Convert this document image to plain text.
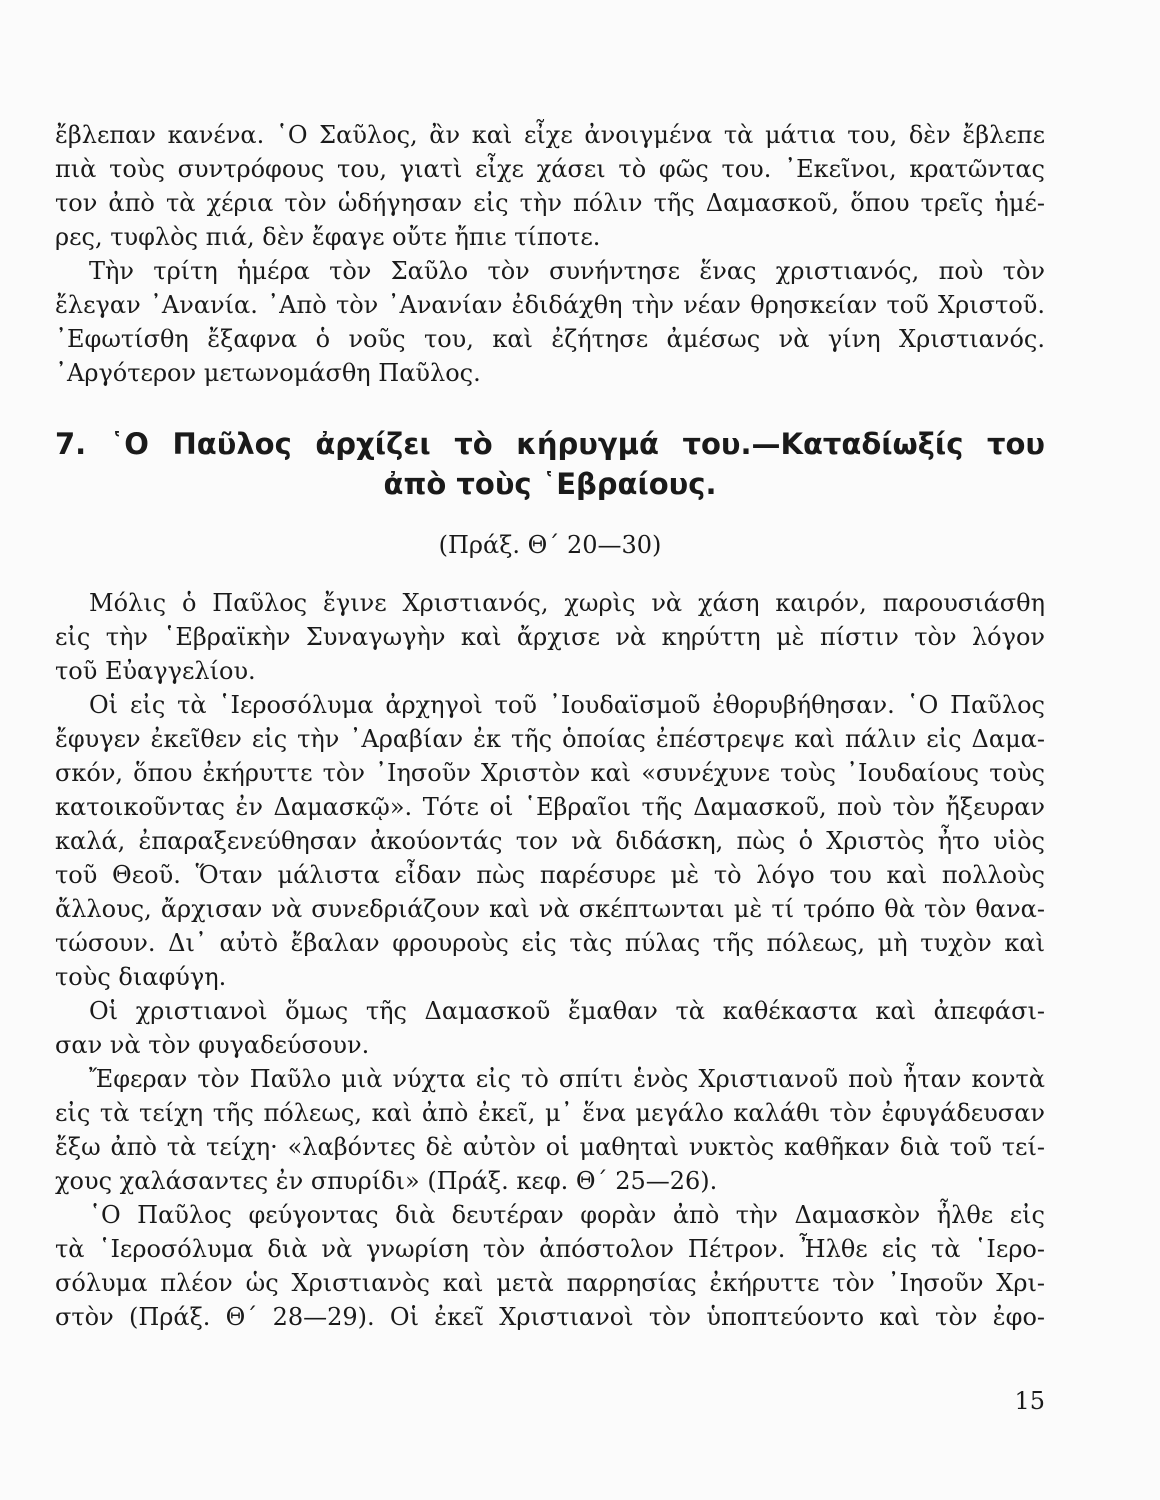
ἔβλεπαν κανένα. ῾Ο Σαῦλος, ἂν καὶ εἶχε ἀνοιγμένα τὰ μάτια του, δὲν ἔβλεπε
πιὰ τοὺς συντρόφους του, γιατὶ εἶχε χάσει τὸ φῶς του. ᾿Εκεῖνοι, κρατῶντας
τον ἀπὸ τὰ χέρια τὸν ὡδήγησαν εἰς τὴν πόλιν τῆς Δαμασκοῦ, ὅπου τρεῖς ἡμέ-
ρες, τυφλὸς πιά, δὲν ἔφαγε οὔτε ἤπιε τίποτε.
Τὴν τρίτη ἡμέρα τὸν Σαῦλο τὸν συνήντησε ἕνας χριστιανός, ποὺ τὸν
ἔλεγαν ᾿Ανανία. ᾿Απὸ τὸν ᾿Ανανίαν ἐδιδάχθη τὴν νέαν θρησκείαν τοῦ Χριστοῦ.
᾿Εφωτίσθη ἔξαφνα ὁ νοῦς του, καὶ ἐζήτησε ἀμέσως νὰ γίνη Χριστιανός.
᾿Αργότερον μετωνομάσθη Παῦλος.
7. ῾Ο Παῦλος ἀρχίζει τὸ κήρυγμά του.—Καταδίωξίς του
ἀπὸ τοὺς ῾Εβραίους.
(Πράξ. Θ΄ 20—30)
Μόλις ὁ Παῦλος ἔγινε Χριστιανός, χωρὶς νὰ χάση καιρόν, παρουσιάσθη
εἰς τὴν ῾Εβραϊκὴν Συναγωγὴν καὶ ἄρχισε νὰ κηρύττη μὲ πίστιν τὸν λόγον
τοῦ Εὐαγγελίου.
Οἱ εἰς τὰ ῾Ιεροσόλυμα ἀρχηγοὶ τοῦ ᾿Ιουδαϊσμοῦ ἐθορυβήθησαν. ῾Ο Παῦλος
ἔφυγεν ἐκεῖθεν εἰς τὴν ᾿Αραβίαν ἐκ τῆς ὁποίας ἐπέστρεψε καὶ πάλιν εἰς Δαμα-
σκόν, ὅπου ἐκήρυττε τὸν ᾿Ιησοῦν Χριστὸν καὶ «συνέχυνε τοὺς ᾿Ιουδαίους τοὺς
κατοικοῦντας ἐν Δαμασκῷ». Τότε οἱ ῾Εβραῖοι τῆς Δαμασκοῦ, ποὺ τὸν ἤξευραν
καλά, ἐπαραξενεύθησαν ἀκούοντάς τον νὰ διδάσκη, πὼς ὁ Χριστὸς ἦτο υἱὸς
τοῦ Θεοῦ. Ὅταν μάλιστα εἶδαν πὼς παρέσυρε μὲ τὸ λόγο του καὶ πολλοὺς
ἄλλους, ἄρχισαν νὰ συνεδριάζουν καὶ νὰ σκέπτωνται μὲ τί τρόπο θὰ τὸν θανα-
τώσουν. Δι᾿ αὐτὸ ἔβαλαν φρουροὺς εἰς τὰς πύλας τῆς πόλεως, μὴ τυχὸν καὶ
τοὺς διαφύγη.
Οἱ χριστιανοὶ ὅμως τῆς Δαμασκοῦ ἔμαθαν τὰ καθέκαστα καὶ ἀπεφάσι-
σαν νὰ τὸν φυγαδεύσουν.
Ἔφεραν τὸν Παῦλο μιὰ νύχτα εἰς τὸ σπίτι ἑνὸς Χριστιανοῦ ποὺ ἦταν κοντὰ
εἰς τὰ τείχη τῆς πόλεως, καὶ ἀπὸ ἐκεῖ, μ᾿ ἕνα μεγάλο καλάθι τὸν ἐφυγάδευσαν
ἔξω ἀπὸ τὰ τείχη· «λαβόντες δὲ αὐτὸν οἱ μαθηταὶ νυκτὸς καθῆκαν διὰ τοῦ τεί-
χους χαλάσαντες ἐν σπυρίδι» (Πράξ. κεφ. Θ΄ 25—26).
῾Ο Παῦλος φεύγοντας διὰ δευτέραν φορὰν ἀπὸ τὴν Δαμασκὸν ἦλθε εἰς
τὰ ῾Ιεροσόλυμα διὰ νὰ γνωρίση τὸν ἀπόστολον Πέτρον. Ἦλθε εἰς τὰ ῾Ιερο-
σόλυμα πλέον ὡς Χριστιανὸς καὶ μετὰ παρρησίας ἐκήρυττε τὸν ᾿Ιησοῦν Χρι-
στὸν (Πράξ. Θ΄ 28—29). Οἱ ἐκεῖ Χριστιανοὶ τὸν ὑποπτεύοντο καὶ τὸν ἐφο-
15
